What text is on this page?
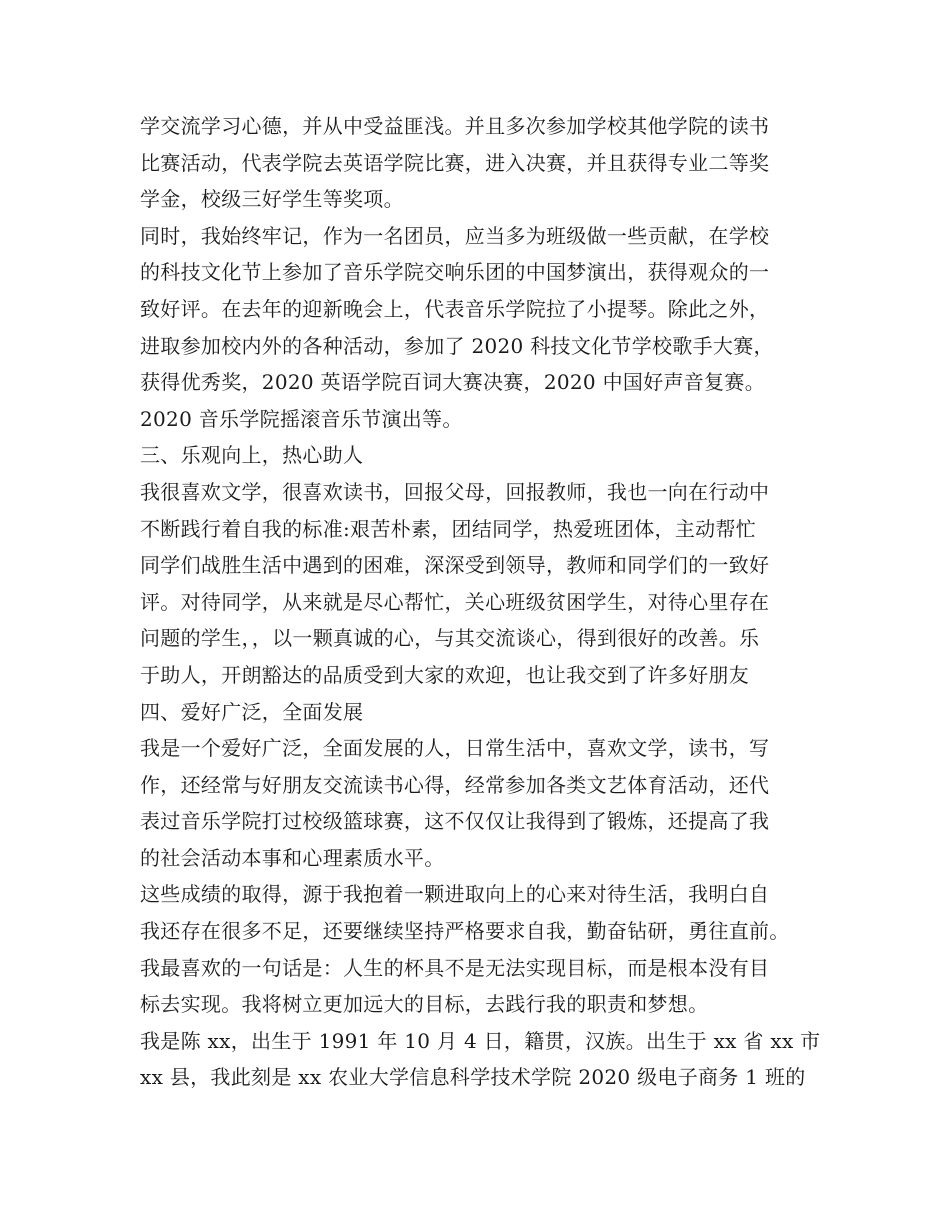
学交流学习心德，并从中受益匪浅。并且多次参加学校其他学院的读书
比赛活动，代表学院去英语学院比赛，进入决赛，并且获得专业二等奖
学金，校级三好学生等奖项。
同时，我始终牢记，作为一名团员，应当多为班级做一些贡献，在学校
的科技文化节上参加了音乐学院交响乐团的中国梦演出，获得观众的一
致好评。在去年的迎新晚会上，代表音乐学院拉了小提琴。除此之外，
进取参加校内外的各种活动，参加了 2020 科技文化节学校歌手大赛，
获得优秀奖，2020 英语学院百词大赛决赛，2020 中国好声音复赛。
2020 音乐学院摇滚音乐节演出等。
三、乐观向上，热心助人
我很喜欢文学，很喜欢读书，回报父母，回报教师，我也一向在行动中
不断践行着自我的标准:艰苦朴素，团结同学，热爱班团体，主动帮忙
同学们战胜生活中遇到的困难，深深受到领导，教师和同学们的一致好
评。对待同学，从来就是尽心帮忙，关心班级贫困学生，对待心里存在
问题的学生，，以一颗真诚的心，与其交流谈心，得到很好的改善。乐
于助人，开朗豁达的品质受到大家的欢迎，也让我交到了许多好朋友
四、爱好广泛，全面发展
我是一个爱好广泛，全面发展的人，日常生活中，喜欢文学，读书，写
作，还经常与好朋友交流读书心得，经常参加各类文艺体育活动，还代
表过音乐学院打过校级篮球赛，这不仅仅让我得到了锻炼，还提高了我
的社会活动本事和心理素质水平。
这些成绩的取得，源于我抱着一颗进取向上的心来对待生活，我明白自
我还存在很多不足，还要继续坚持严格要求自我，勤奋钻研，勇往直前。
我最喜欢的一句话是：人生的杯具不是无法实现目标，而是根本没有目
标去实现。我将树立更加远大的目标，去践行我的职责和梦想。
我是陈 xx，出生于 1991 年 10 月 4 日，籍贯，汉族。出生于 xx 省 xx 市
xx 县，我此刻是 xx 农业大学信息科学技术学院 2020 级电子商务 1 班的
